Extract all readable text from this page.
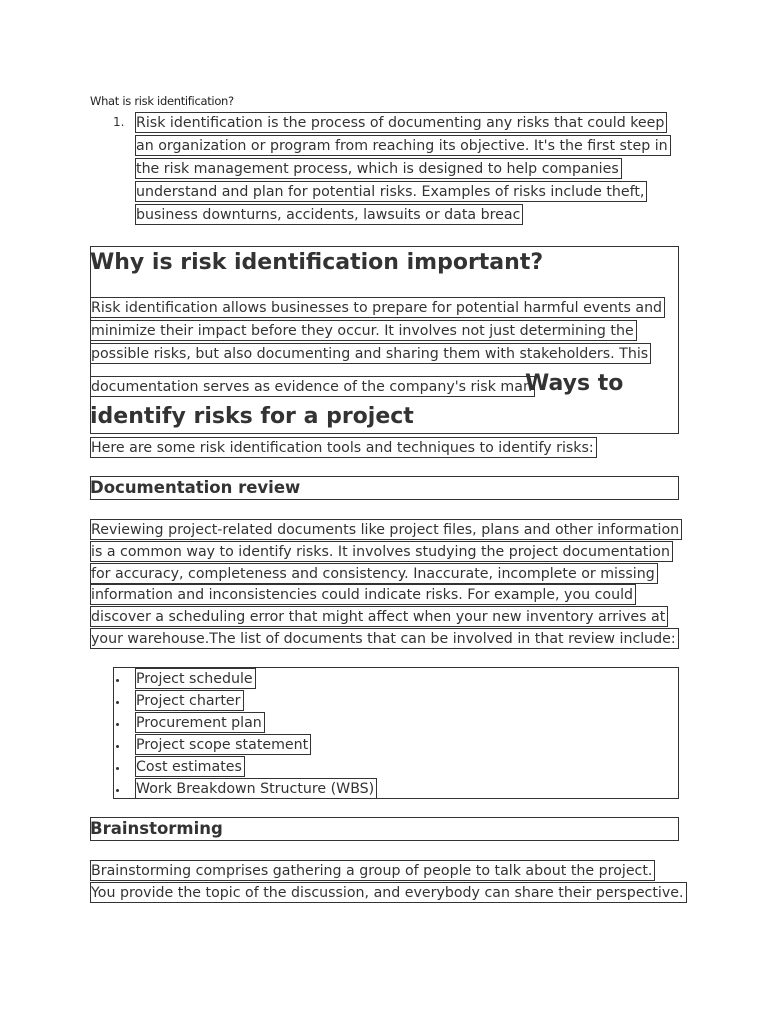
What is risk identification?
1. Risk identification is the process of documenting any risks that could keep
an organization or program from reaching its objective. It's the first step in
the risk management process, which is designed to help companies
understand and plan for potential risks. Examples of risks include theft,
business downturns, accidents, lawsuits or data breac
Why is risk identification important?
Risk identification allows businesses to prepare for potential harmful events and
minimize their impact before they occur. It involves not just determining the
possible risks, but also documenting and sharing them with stakeholders. This
documentation serves as evidence of the company's risk man
Ways to
identify risks for a project
Here are some risk identification tools and techniques to identify risks:
Documentation review
Reviewing project-related documents like project files, plans and other information
is a common way to identify risks. It involves studying the project documentation
for accuracy, completeness and consistency. Inaccurate, incomplete or missing
information and inconsistencies could indicate risks. For example, you could
discover a scheduling error that might affect when your new inventory arrives at
your warehouse.The list of documents that can be involved in that review include:
Project schedule
Project charter
Procurement plan
Project scope statement
Cost estimates
Work Breakdown Structure (WBS)
Brainstorming
Brainstorming comprises gathering a group of people to talk about the project.
You provide the topic of the discussion, and everybody can share their perspective.
